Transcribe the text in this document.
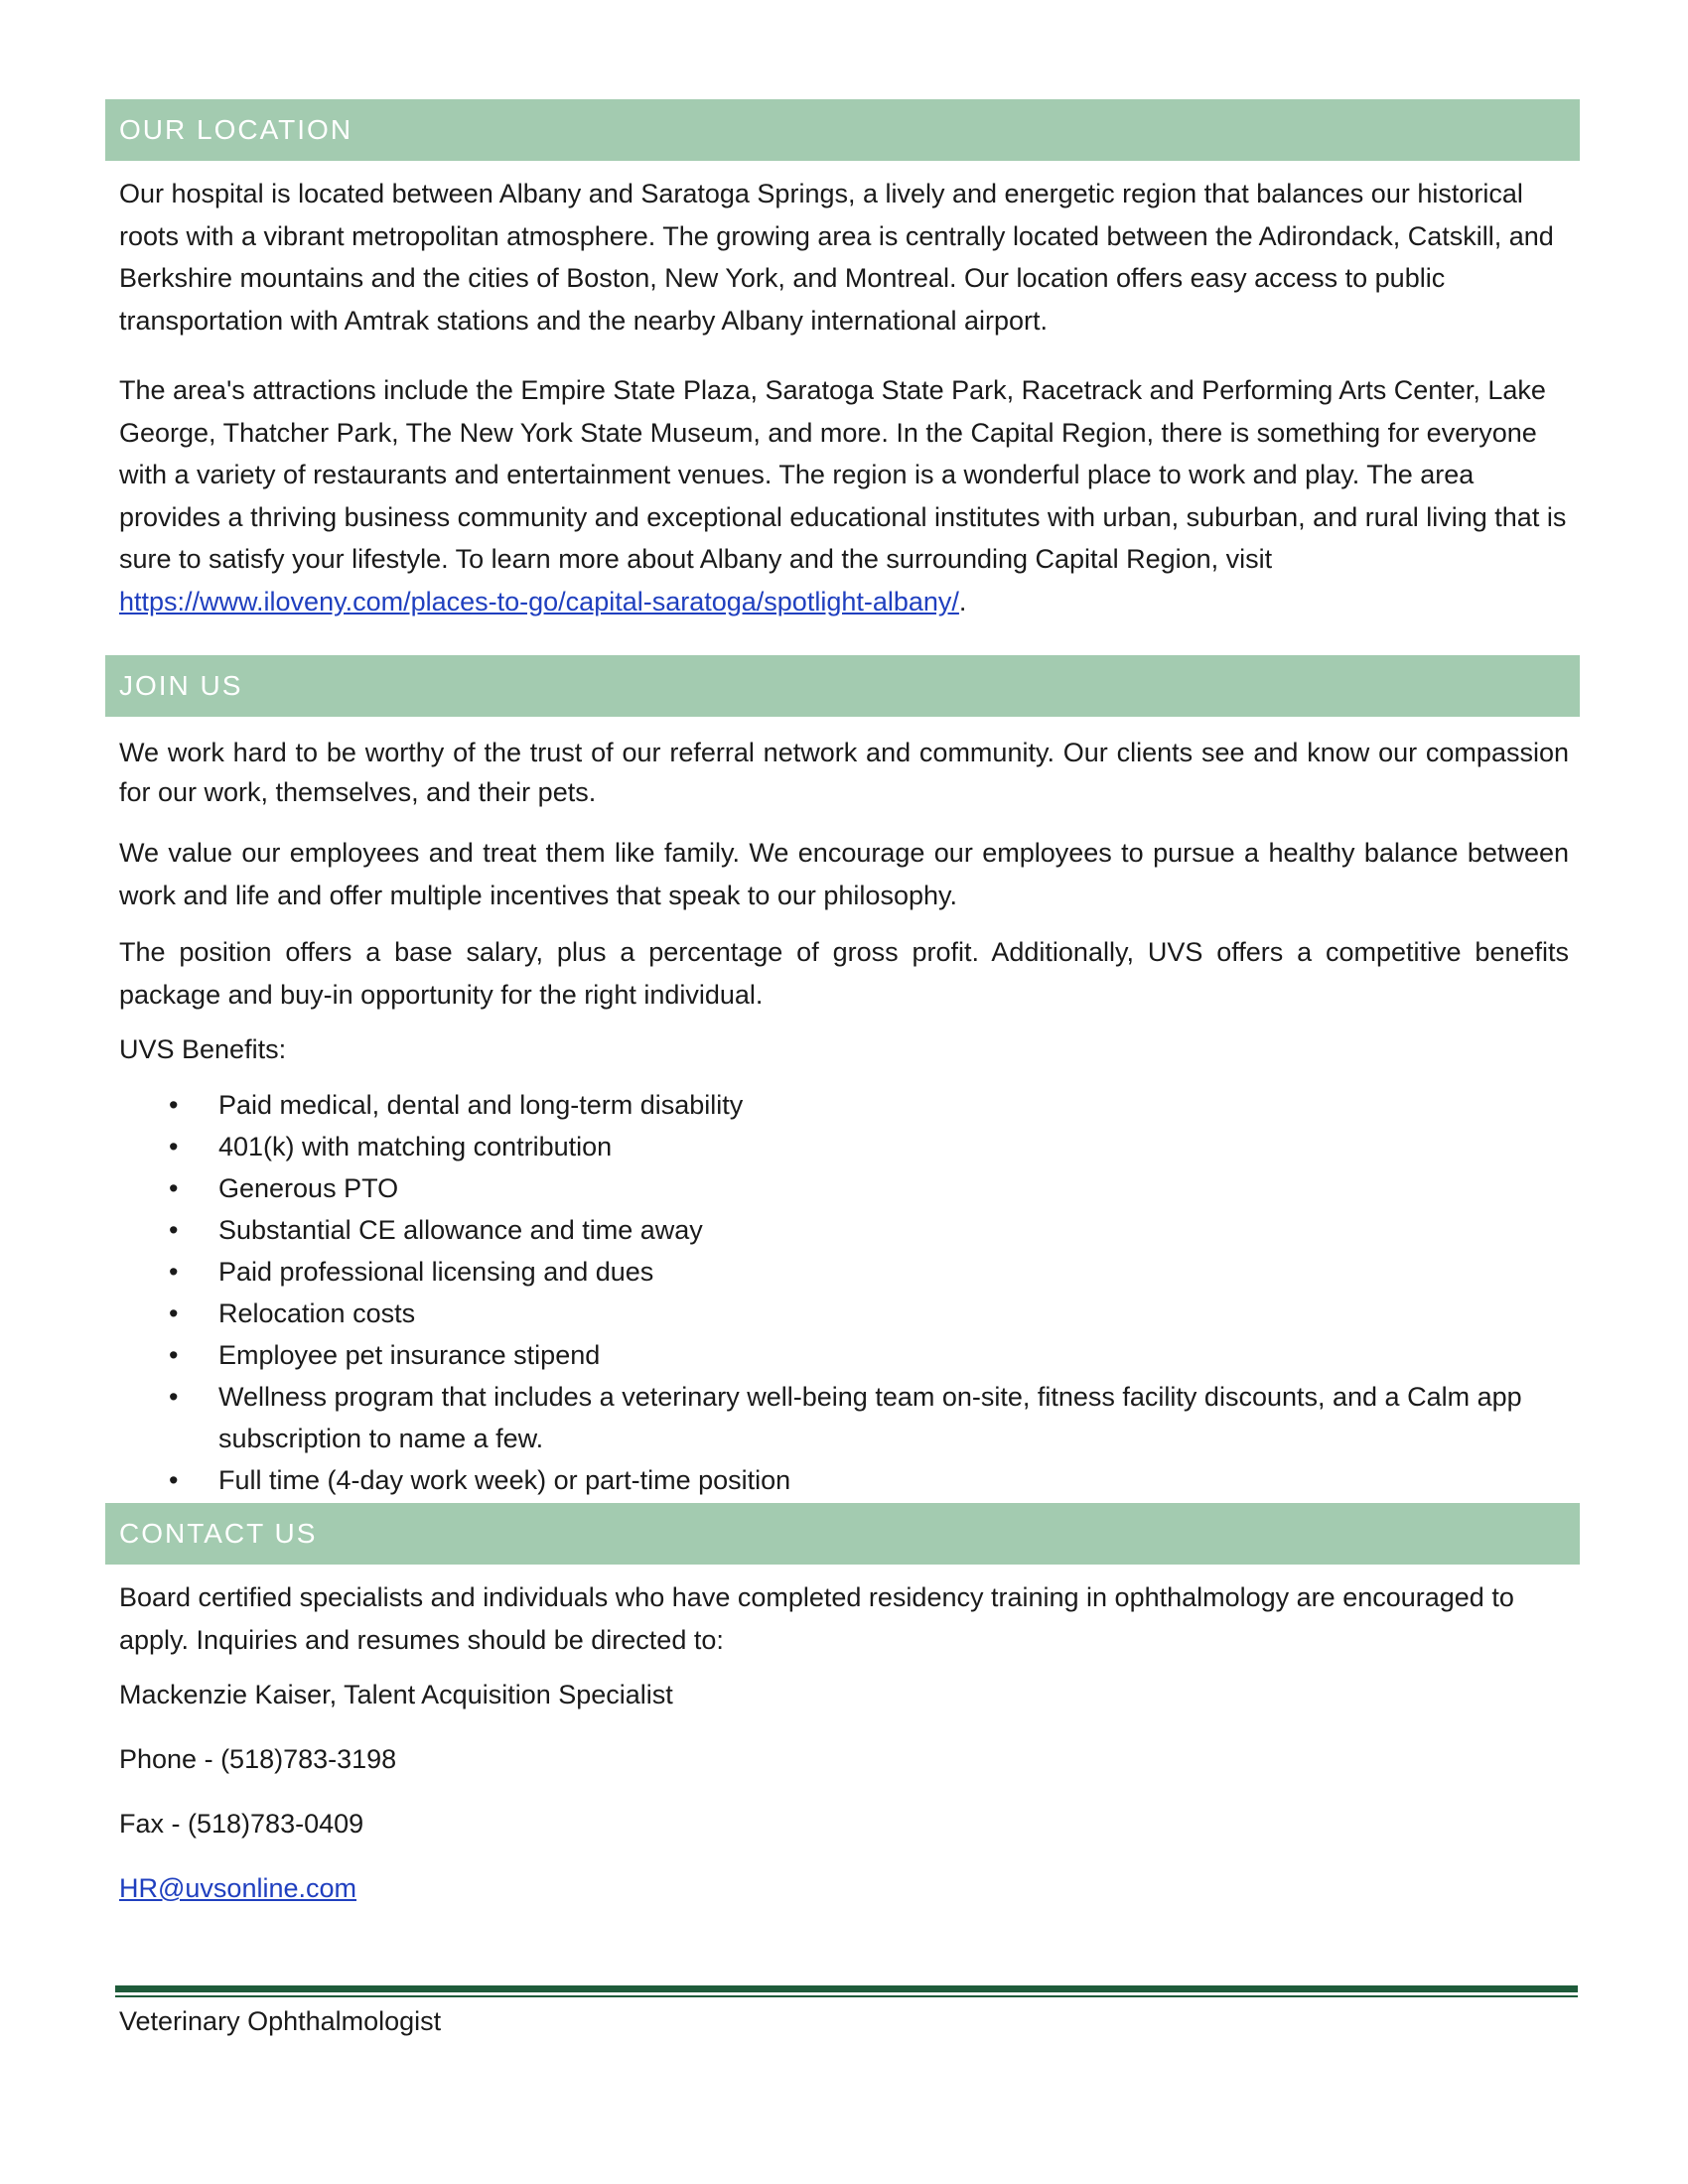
OUR LOCATION

Our hospital is located between Albany and Saratoga Springs, a lively and energetic region that balances our historical roots with a vibrant metropolitan atmosphere. The growing area is centrally located between the Adirondack, Catskill, and Berkshire mountains and the cities of Boston, New York, and Montreal. Our location offers easy access to public transportation with Amtrak stations and the nearby Albany international airport.

The area's attractions include the Empire State Plaza, Saratoga State Park, Racetrack and Performing Arts Center, Lake George, Thatcher Park, The New York State Museum, and more. In the Capital Region, there is something for everyone with a variety of restaurants and entertainment venues. The region is a wonderful place to work and play. The area provides a thriving business community and exceptional educational institutes with urban, suburban, and rural living that is sure to satisfy your lifestyle. To learn more about Albany and the surrounding Capital Region, visit https://www.iloveny.com/places-to-go/capital-saratoga/spotlight-albany/.

JOIN US

We work hard to be worthy of the trust of our referral network and community. Our clients see and know our compassion for our work, themselves, and their pets.

We value our employees and treat them like family. We encourage our employees to pursue a healthy balance between work and life and offer multiple incentives that speak to our philosophy.

The position offers a base salary, plus a percentage of gross profit. Additionally, UVS offers a competitive benefits package and buy-in opportunity for the right individual.

UVS Benefits:

• Paid medical, dental and long-term disability
• 401(k) with matching contribution
• Generous PTO
• Substantial CE allowance and time away
• Paid professional licensing and dues
• Relocation costs
• Employee pet insurance stipend
• Wellness program that includes a veterinary well-being team on-site, fitness facility discounts, and a Calm app subscription to name a few.
• Full time (4-day work week) or part-time position
CONTACT US

Board certified specialists and individuals who have completed residency training in ophthalmology are encouraged to apply. Inquiries and resumes should be directed to:

Mackenzie Kaiser, Talent Acquisition Specialist

Phone - (518)783-3198

Fax - (518)783-0409

HR@uvsonline.com

Veterinary Ophthalmologist
